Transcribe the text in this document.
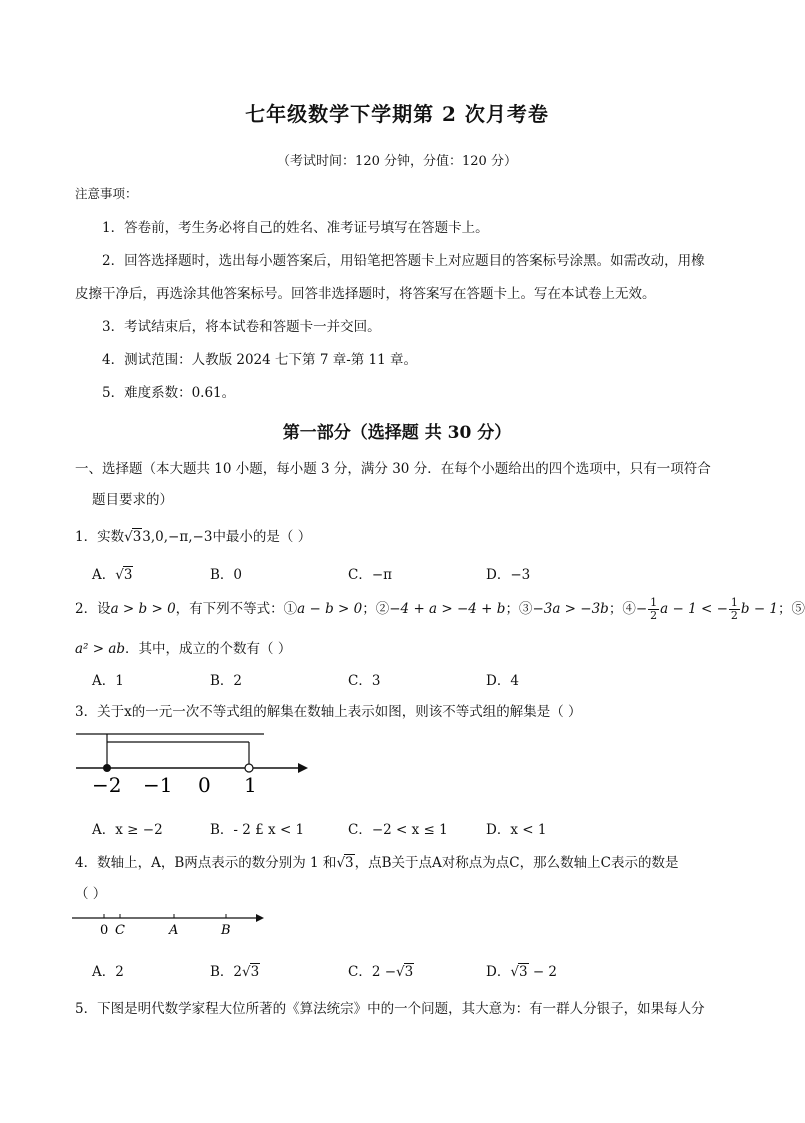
七年级数学下学期第 2 次月考卷
（考试时间：120 分钟，分值：120 分）
注意事项：
1．答卷前，考生务必将自己的姓名、准考证号填写在答题卡上。
2．回答选择题时，选出每小题答案后，用铅笔把答题卡上对应题目的答案标号涂黑。如需改动，用橡
皮擦干净后，再选涂其他答案标号。回答非选择题时，将答案写在答题卡上。写在本试卷上无效。
3．考试结束后，将本试卷和答题卡一并交回。
4．测试范围：人教版 2024 七下第 7 章-第 11 章。
5．难度系数：0.61。
第一部分（选择题 共 30 分）
一、选择题（本大题共 10 小题，每小题 3 分，满分 30 分．在每个小题给出的四个选项中，只有一项符合
题目要求的）
1．实数√33,0,−π,−3中最小的是（ ）
A．√3	B．0	C．−π	D．−3
2．设a > b > 0，有下列不等式：①a − b > 0；②−4 + a > −4 + b；③−3a > −3b；④− $\frac{1}{2}$ a − 1 < − $\frac{1}{2}$ b − 1；⑤
a² > ab．其中，成立的个数有（ ）
A．1	B．2	C．3	D．4
3．关于x的一元一次不等式组的解集在数轴上表示如图，则该不等式组的解集是（ ）
−2 −1 0 1
A．x ≥ −2	B．- 2 £ x < 1	C．−2 < x ≤ 1	D．x < 1
4．数轴上，A，B两点表示的数分别为 1 和√3，点B关于点A对称点为点C，那么数轴上C表示的数是
（ ）
0 C	A	B
A．2	B．2√3	C．2 −√3	D．√3 − 2
5．下图是明代数学家程大位所著的《算法统宗》中的一个问题，其大意为：有一群人分银子，如果每人分
